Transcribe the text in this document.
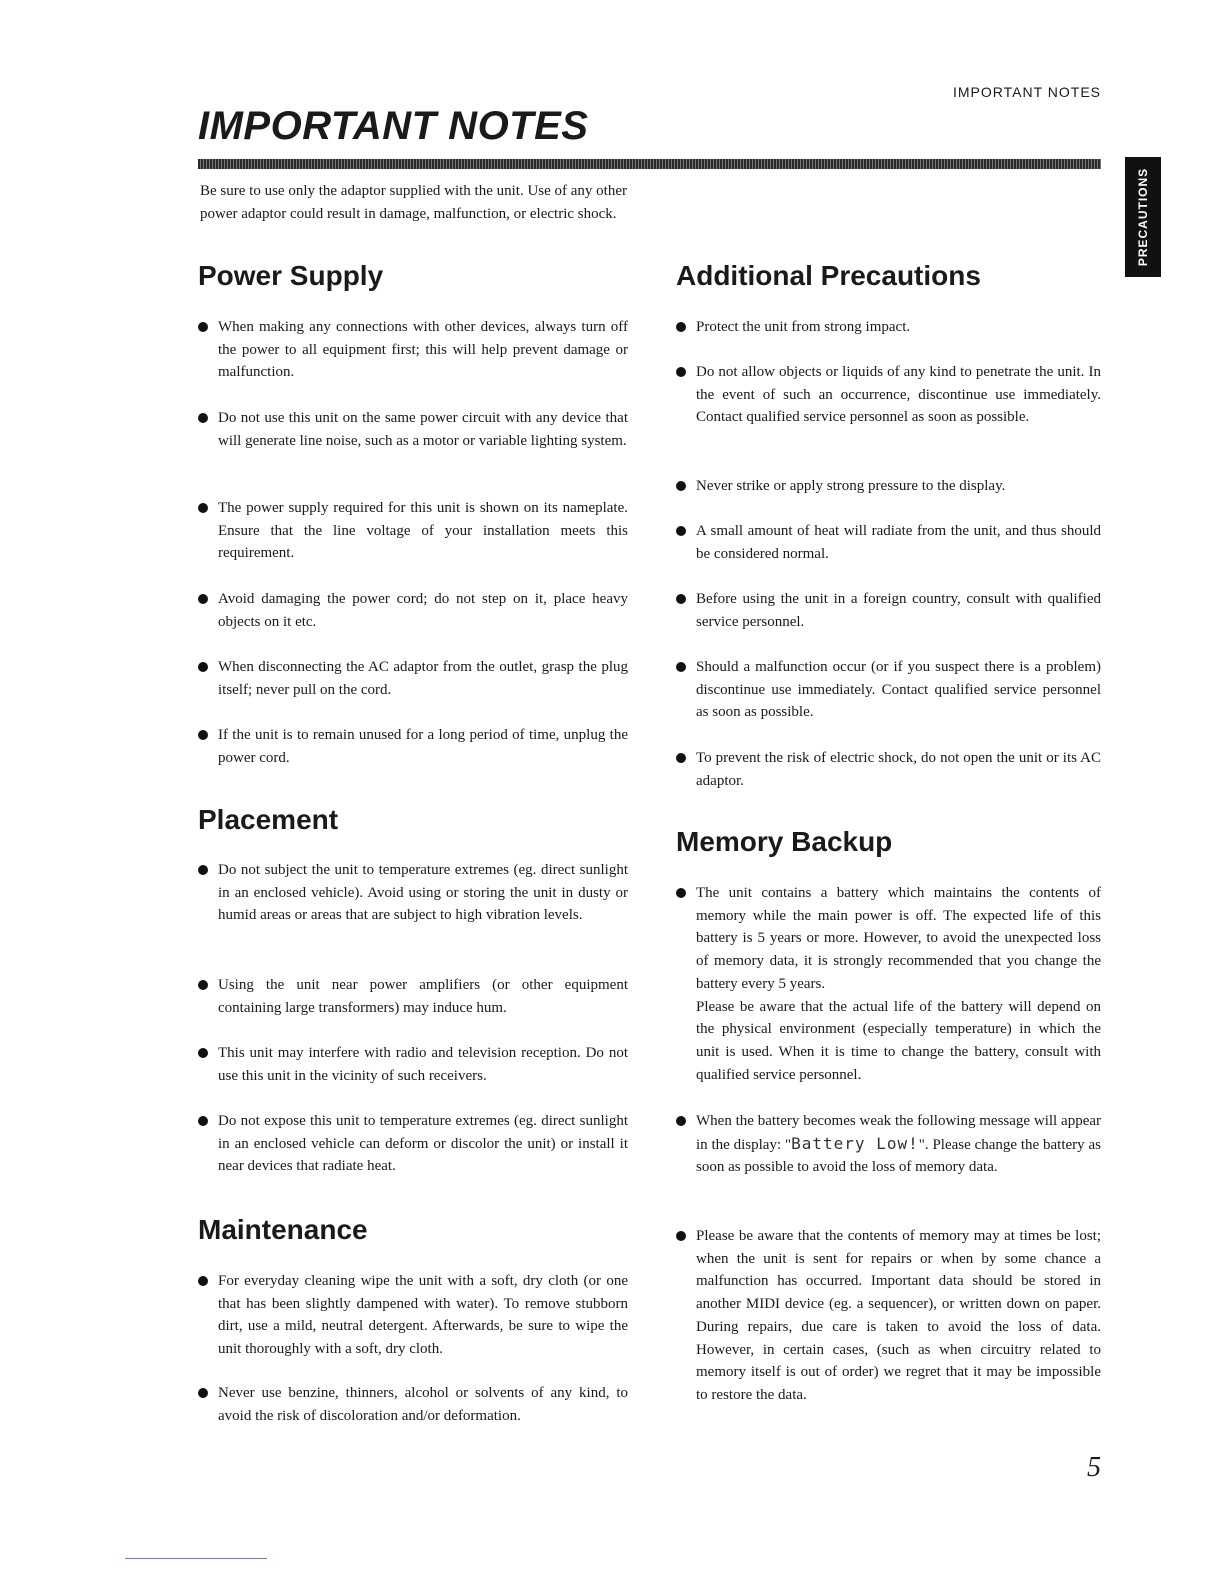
IMPORTANT NOTES
IMPORTANT NOTES
PRECAUTIONS

Be sure to use only the adaptor supplied with the unit. Use of any other power adaptor could result in damage, malfunction, or electric shock.

Power Supply
When making any connections with other devices, always turn off the power to all equipment first; this will help prevent damage or malfunction.
Do not use this unit on the same power circuit with any device that will generate line noise, such as a motor or variable lighting system.
The power supply required for this unit is shown on its nameplate. Ensure that the line voltage of your installation meets this requirement.
Avoid damaging the power cord; do not step on it, place heavy objects on it etc.
When disconnecting the AC adaptor from the outlet, grasp the plug itself; never pull on the cord.
If the unit is to remain unused for a long period of time, unplug the power cord.
Placement
Do not subject the unit to temperature extremes (eg. direct sunlight in an enclosed vehicle). Avoid using or storing the unit in dusty or humid areas or areas that are subject to high vibration levels.
Using the unit near power amplifiers (or other equipment containing large transformers) may induce hum.
This unit may interfere with radio and television reception. Do not use this unit in the vicinity of such receivers.
Do not expose this unit to temperature extremes (eg. direct sunlight in an enclosed vehicle can deform or discolor the unit) or install it near devices that radiate heat.
Maintenance
For everyday cleaning wipe the unit with a soft, dry cloth (or one that has been slightly dampened with water). To remove stubborn dirt, use a mild, neutral detergent. Afterwards, be sure to wipe the unit thoroughly with a soft, dry cloth.
Never use benzine, thinners, alcohol or solvents of any kind, to avoid the risk of discoloration and/or deformation.
Additional Precautions
Protect the unit from strong impact.
Do not allow objects or liquids of any kind to penetrate the unit. In the event of such an occurrence, discontinue use immediately. Contact qualified service personnel as soon as possible.
Never strike or apply strong pressure to the display.
A small amount of heat will radiate from the unit, and thus should be considered normal.
Before using the unit in a foreign country, consult with qualified service personnel.
Should a malfunction occur (or if you suspect there is a problem) discontinue use immediately. Contact qualified service personnel as soon as possible.
To prevent the risk of electric shock, do not open the unit or its AC adaptor.
Memory Backup
The unit contains a battery which maintains the contents of memory while the main power is off. The expected life of this battery is 5 years or more. However, to avoid the unexpected loss of memory data, it is strongly recommended that you change the battery every 5 years.
Please be aware that the actual life of the battery will depend on the physical environment (especially temperature) in which the unit is used. When it is time to change the battery, consult with qualified service personnel.
When the battery becomes weak the following message will appear in the display: "Battery Low!". Please change the battery as soon as possible to avoid the loss of memory data.
Please be aware that the contents of memory may at times be lost; when the unit is sent for repairs or when by some chance a malfunction has occurred. Important data should be stored in another MIDI device (eg. a sequencer), or written down on paper. During repairs, due care is taken to avoid the loss of data. However, in certain cases, (such as when circuitry related to memory itself is out of order) we regret that it may be impossible to restore the data.
5
